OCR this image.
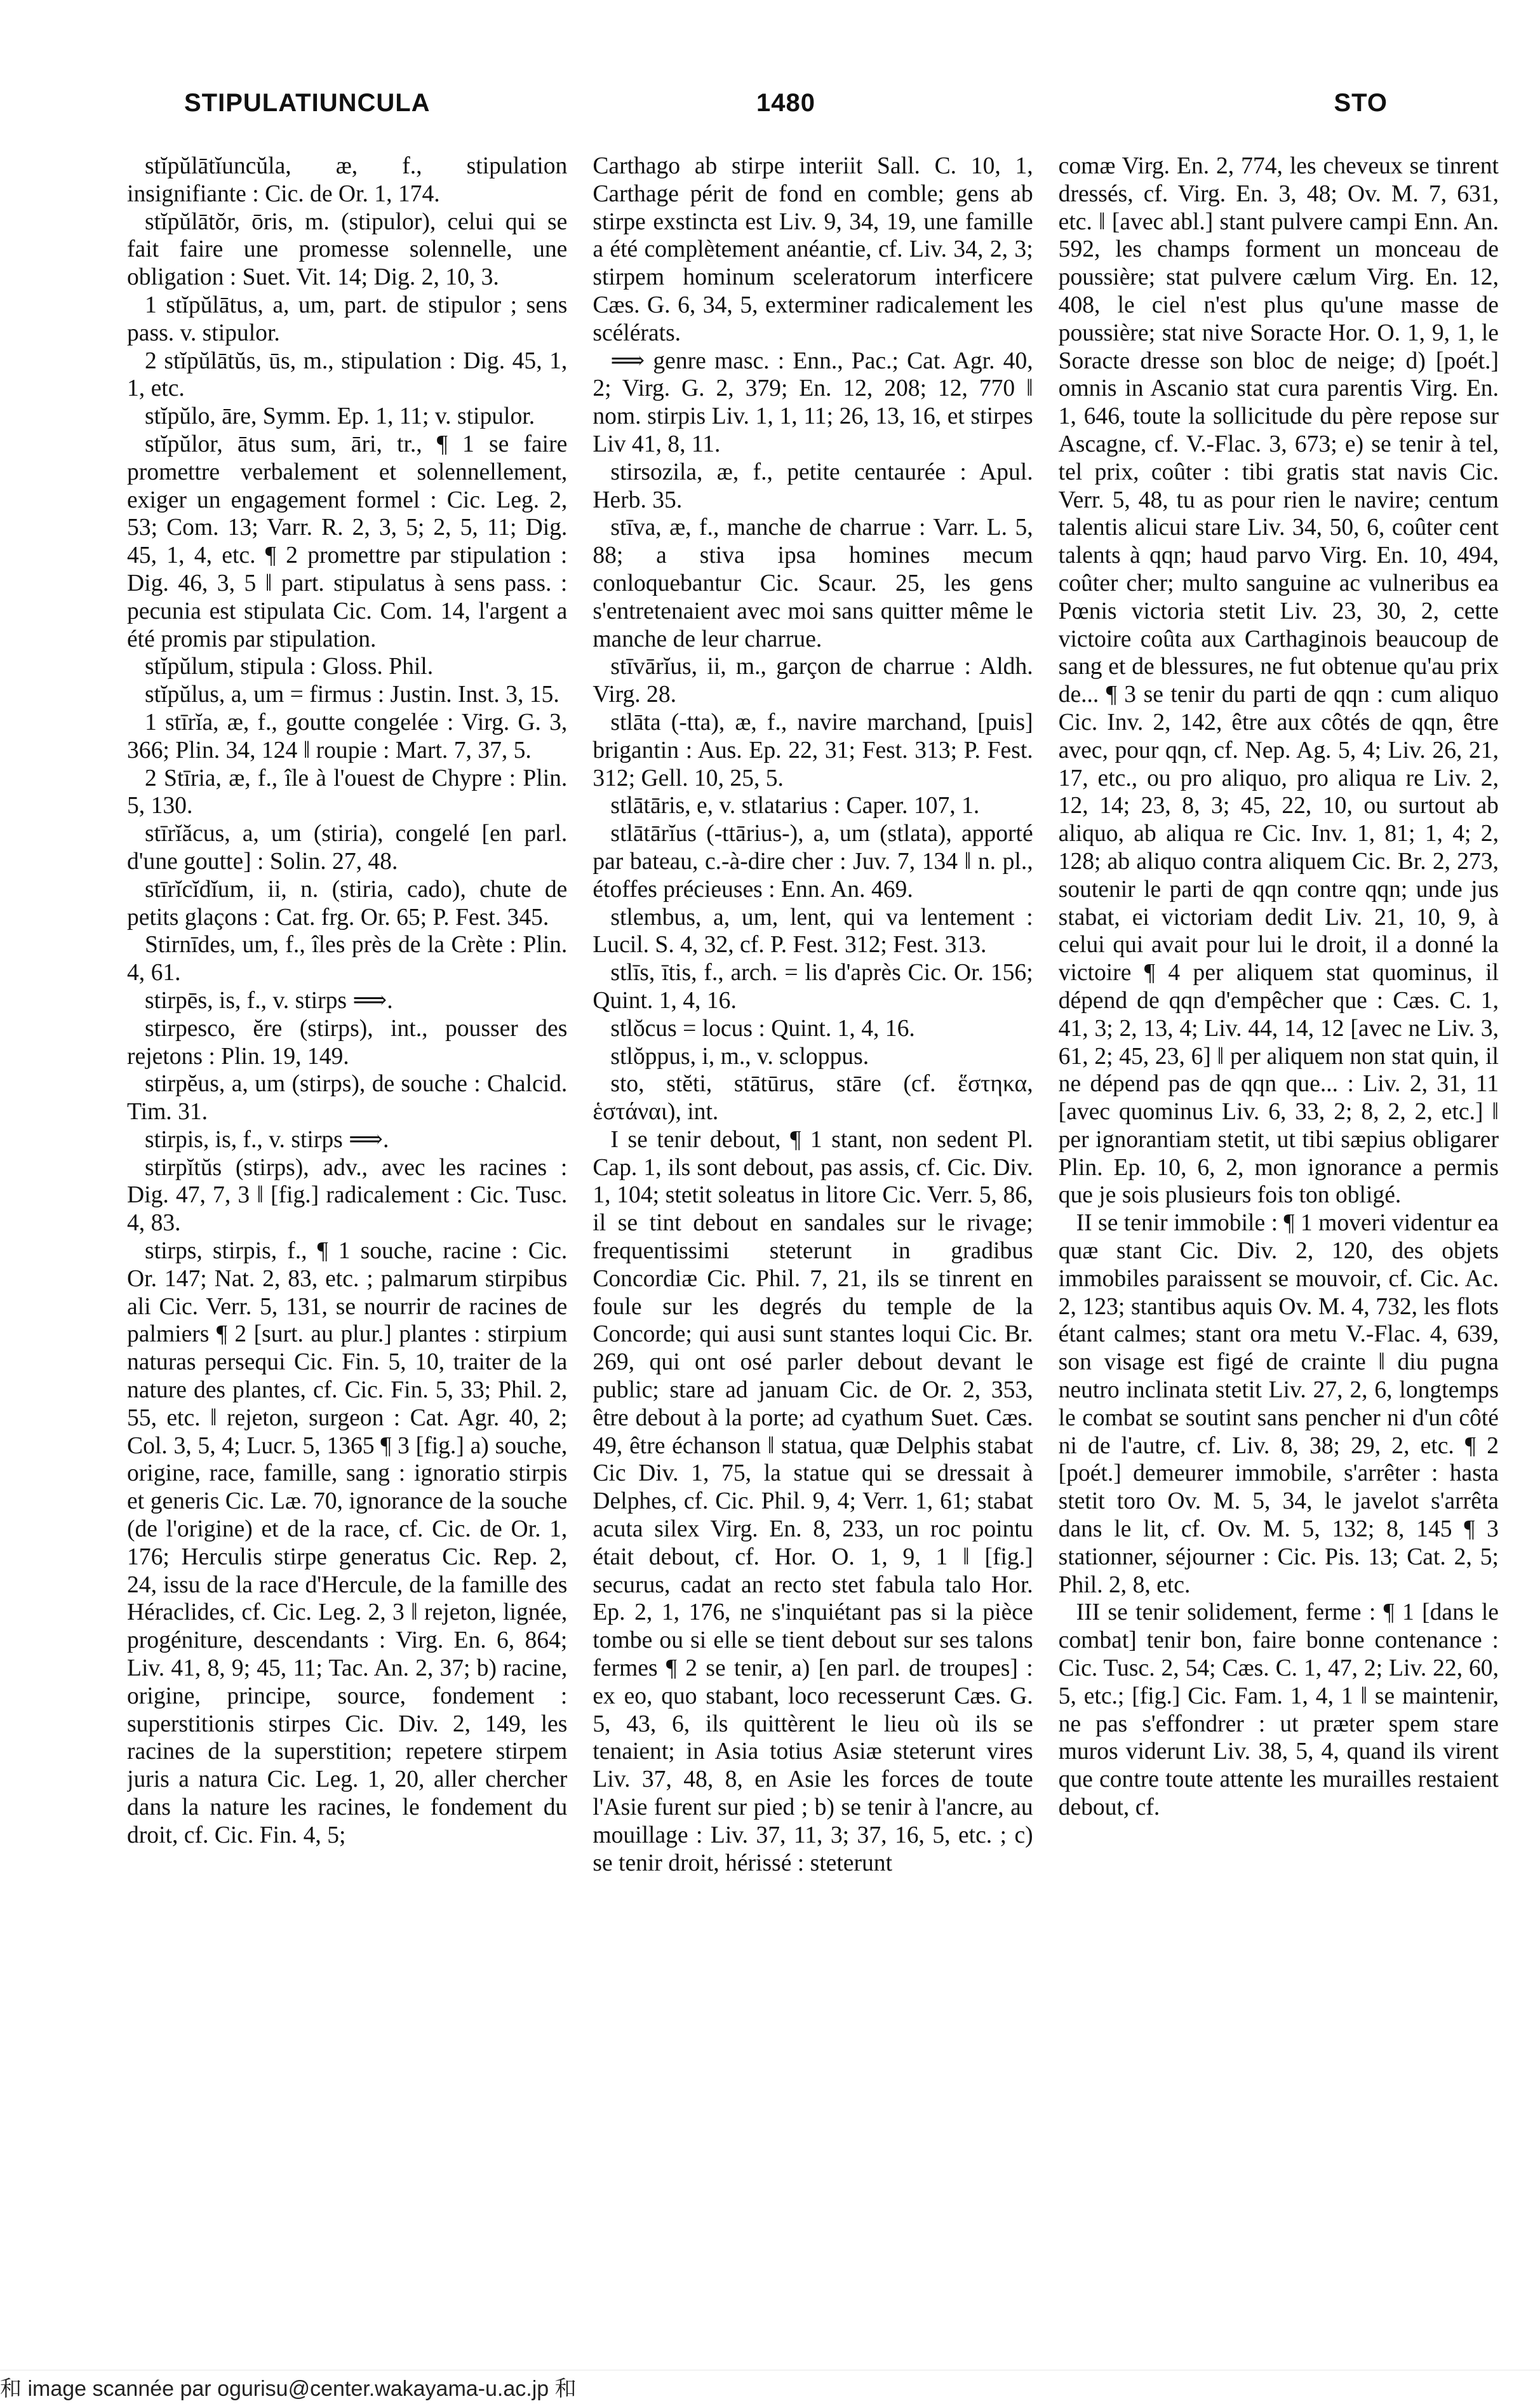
STIPULATIUNCULA	1480	STO

stĭpŭlātĭuncŭla, æ, f., stipulation insignifiante : Cic. de Or. 1, 174.

stĭpŭlātŏr, ōris, m. (stipulor), celui qui se fait faire une promesse solennelle, une obligation : Suet. Vit. 14; Dig. 2, 10, 3.

1 stĭpŭlātus, a, um, part. de stipulor ; sens pass. v. stipulor.

2 stĭpŭlātŭs, ūs, m., stipulation : Dig. 45, 1, 1, etc.

stĭpŭlo, āre, Symm. Ep. 1, 11; v. stipulor.

stĭpŭlor, ātus sum, āri, tr., ¶ 1 se faire promettre verbalement et solennellement, exiger un engagement formel : Cic. Leg. 2, 53; Com. 13; Varr. R. 2, 3, 5; 2, 5, 11; Dig. 45, 1, 4, etc. ¶ 2 promettre par stipulation : Dig. 46, 3, 5 ‖ part. stipulatus à sens pass. : pecunia est stipulata Cic. Com. 14, l'argent a été promis par stipulation.

stĭpŭlum, stipula : Gloss. Phil.

stĭpŭlus, a, um = firmus : Justin. Inst. 3, 15.

1 stīrĭa, æ, f., goutte congelée : Virg. G. 3, 366; Plin. 34, 124 ‖ roupie : Mart. 7, 37, 5.

2 Stīria, æ, f., île à l'ouest de Chypre : Plin. 5, 130.

stīrĭăcus, a, um (stiria), congelé [en parl. d'une goutte] : Solin. 27, 48.

stīrĭcĭdĭum, ii, n. (stiria, cado), chute de petits glaçons : Cat. frg. Or. 65; P. Fest. 345.

Stirnīdes, um, f., îles près de la Crète : Plin. 4, 61.

stirpēs, is, f., v. stirps ⟹.

stirpesco, ĕre (stirps), int., pousser des rejetons : Plin. 19, 149.

stirpĕus, a, um (stirps), de souche : Chalcid. Tim. 31.

stirpis, is, f., v. stirps ⟹.

stirpĭtŭs (stirps), adv., avec les racines : Dig. 47, 7, 3 ‖ [fig.] radicalement : Cic. Tusc. 4, 83.

stirps, stirpis, f., ¶ 1 souche, racine : Cic. Or. 147; Nat. 2, 83, etc. ; palmarum stirpibus ali Cic. Verr. 5, 131, se nourrir de racines de palmiers ¶ 2 [surt. au plur.] plantes : stirpium naturas persequi Cic. Fin. 5, 10, traiter de la nature des plantes, cf. Cic. Fin. 5, 33; Phil. 2, 55, etc. ‖ rejeton, surgeon : Cat. Agr. 40, 2; Col. 3, 5, 4; Lucr. 5, 1365 ¶ 3 [fig.] a) souche, origine, race, famille, sang : ignoratio stirpis et generis Cic. Læ. 70, ignorance de la souche (de l'origine) et de la race, cf. Cic. de Or. 1, 176; Herculis stirpe generatus Cic. Rep. 2, 24, issu de la race d'Hercule, de la famille des Héraclides, cf. Cic. Leg. 2, 3 ‖ rejeton, lignée, progéniture, descendants : Virg. En. 6, 864; Liv. 41, 8, 9; 45, 11; Tac. An. 2, 37; b) racine, origine, principe, source, fondement : superstitionis stirpes Cic. Div. 2, 149, les racines de la superstition; repetere stirpem juris a natura Cic. Leg. 1, 20, aller chercher dans la nature les racines, le fondement du droit, cf. Cic. Fin. 4, 5;

Carthago ab stirpe interiit Sall. C. 10, 1, Carthage périt de fond en comble; gens ab stirpe exstincta est Liv. 9, 34, 19, une famille a été complètement anéantie, cf. Liv. 34, 2, 3; stirpem hominum sceleratorum interficere Cæs. G. 6, 34, 5, exterminer radicalement les scélérats.

⟹ genre masc. : Enn., Pac.; Cat. Agr. 40, 2; Virg. G. 2, 379; En. 12, 208; 12, 770 ‖ nom. stirpis Liv. 1, 1, 11; 26, 13, 16, et stirpes Liv 41, 8, 11.

stirsozila, æ, f., petite centaurée : Apul. Herb. 35.

stīva, æ, f., manche de charrue : Varr. L. 5, 88; a stiva ipsa homines mecum conloquebantur Cic. Scaur. 25, les gens s'entretenaient avec moi sans quitter même le manche de leur charrue.

stīvārĭus, ii, m., garçon de charrue : Aldh. Virg. 28.

stlāta (-tta), æ, f., navire marchand, [puis] brigantin : Aus. Ep. 22, 31; Fest. 313; P. Fest. 312; Gell. 10, 25, 5.

stlātāris, e, v. stlatarius : Caper. 107, 1.

stlātārĭus (-ttārius-), a, um (stlata), apporté par bateau, c.-à-dire cher : Juv. 7, 134 ‖ n. pl., étoffes précieuses : Enn. An. 469.

stlembus, a, um, lent, qui va lentement : Lucil. S. 4, 32, cf. P. Fest. 312; Fest. 313.

stlīs, ītis, f., arch. = lis d'après Cic. Or. 156; Quint. 1, 4, 16.

stlŏcus = locus : Quint. 1, 4, 16.

stlŏppus, i, m., v. scloppus.

sto, stĕti, stātūrus, stāre (cf. ἕστηκα, ἑστάναι), int.

I se tenir debout, ¶ 1 stant, non sedent Pl. Cap. 1, ils sont debout, pas assis, cf. Cic. Div. 1, 104; stetit soleatus in litore Cic. Verr. 5, 86, il se tint debout en sandales sur le rivage; frequentissimi steterunt in gradibus Concordiæ Cic. Phil. 7, 21, ils se tinrent en foule sur les degrés du temple de la Concorde; qui ausi sunt stantes loqui Cic. Br. 269, qui ont osé parler debout devant le public; stare ad januam Cic. de Or. 2, 353, être debout à la porte; ad cyathum Suet. Cæs. 49, être échanson ‖ statua, quæ Delphis stabat Cic Div. 1, 75, la statue qui se dressait à Delphes, cf. Cic. Phil. 9, 4; Verr. 1, 61; stabat acuta silex Virg. En. 8, 233, un roc pointu était debout, cf. Hor. O. 1, 9, 1 ‖ [fig.] securus, cadat an recto stet fabula talo Hor. Ep. 2, 1, 176, ne s'inquiétant pas si la pièce tombe ou si elle se tient debout sur ses talons fermes ¶ 2 se tenir, a) [en parl. de troupes] : ex eo, quo stabant, loco recesserunt Cæs. G. 5, 43, 6, ils quittèrent le lieu où ils se tenaient; in Asia totius Asiæ steterunt vires Liv. 37, 48, 8, en Asie les forces de toute l'Asie furent sur pied ; b) se tenir à l'ancre, au mouillage : Liv. 37, 11, 3; 37, 16, 5, etc. ; c) se tenir droit, hérissé : steterunt

comæ Virg. En. 2, 774, les cheveux se tinrent dressés, cf. Virg. En. 3, 48; Ov. M. 7, 631, etc. ‖ [avec abl.] stant pulvere campi Enn. An. 592, les champs forment un monceau de poussière; stat pulvere cælum Virg. En. 12, 408, le ciel n'est plus qu'une masse de poussière; stat nive Soracte Hor. O. 1, 9, 1, le Soracte dresse son bloc de neige; d) [poét.] omnis in Ascanio stat cura parentis Virg. En. 1, 646, toute la sollicitude du père repose sur Ascagne, cf. V.-Flac. 3, 673; e) se tenir à tel, tel prix, coûter : tibi gratis stat navis Cic. Verr. 5, 48, tu as pour rien le navire; centum talentis alicui stare Liv. 34, 50, 6, coûter cent talents à qqn; haud parvo Virg. En. 10, 494, coûter cher; multo sanguine ac vulneribus ea Pœnis victoria stetit Liv. 23, 30, 2, cette victoire coûta aux Carthaginois beaucoup de sang et de blessures, ne fut obtenue qu'au prix de... ¶ 3 se tenir du parti de qqn : cum aliquo Cic. Inv. 2, 142, être aux côtés de qqn, être avec, pour qqn, cf. Nep. Ag. 5, 4; Liv. 26, 21, 17, etc., ou pro aliquo, pro aliqua re Liv. 2, 12, 14; 23, 8, 3; 45, 22, 10, ou surtout ab aliquo, ab aliqua re Cic. Inv. 1, 81; 1, 4; 2, 128; ab aliquo contra aliquem Cic. Br. 2, 273, soutenir le parti de qqn contre qqn; unde jus stabat, ei victoriam dedit Liv. 21, 10, 9, à celui qui avait pour lui le droit, il a donné la victoire ¶ 4 per aliquem stat quominus, il dépend de qqn d'empêcher que : Cæs. C. 1, 41, 3; 2, 13, 4; Liv. 44, 14, 12 [avec ne Liv. 3, 61, 2; 45, 23, 6] ‖ per aliquem non stat quin, il ne dépend pas de qqn que... : Liv. 2, 31, 11 [avec quominus Liv. 6, 33, 2; 8, 2, 2, etc.] ‖ per ignorantiam stetit, ut tibi sæpius obligarer Plin. Ep. 10, 6, 2, mon ignorance a permis que je sois plusieurs fois ton obligé.

II se tenir immobile : ¶ 1 moveri videntur ea quæ stant Cic. Div. 2, 120, des objets immobiles paraissent se mouvoir, cf. Cic. Ac. 2, 123; stantibus aquis Ov. M. 4, 732, les flots étant calmes; stant ora metu V.-Flac. 4, 639, son visage est figé de crainte ‖ diu pugna neutro inclinata stetit Liv. 27, 2, 6, longtemps le combat se soutint sans pencher ni d'un côté ni de l'autre, cf. Liv. 8, 38; 29, 2, etc. ¶ 2 [poét.] demeurer immobile, s'arrêter : hasta stetit toro Ov. M. 5, 34, le javelot s'arrêta dans le lit, cf. Ov. M. 5, 132; 8, 145 ¶ 3 stationner, séjourner : Cic. Pis. 13; Cat. 2, 5; Phil. 2, 8, etc.

III se tenir solidement, ferme : ¶ 1 [dans le combat] tenir bon, faire bonne contenance : Cic. Tusc. 2, 54; Cæs. C. 1, 47, 2; Liv. 22, 60, 5, etc.; [fig.] Cic. Fam. 1, 4, 1 ‖ se maintenir, ne pas s'effondrer : ut præter spem stare muros viderunt Liv. 38, 5, 4, quand ils virent que contre toute attente les murailles restaient debout, cf.

和 image scannée par ogurisu@center.wakayama-u.ac.jp 和
